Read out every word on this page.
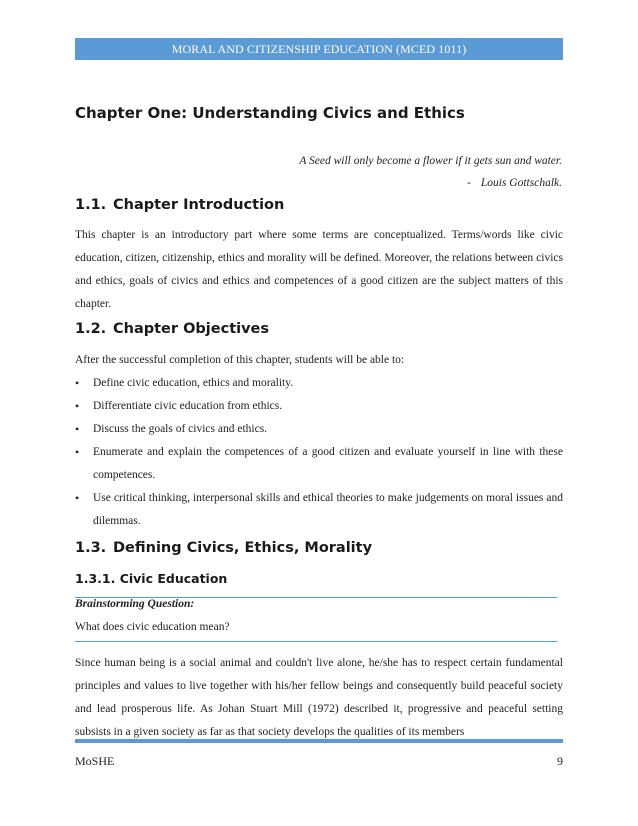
MORAL AND CITIZENSHIP EDUCATION (MCED 1011)
Chapter One: Understanding Civics and Ethics
A Seed will only become a flower if it gets sun and water.
- Louis Gottschalk.
1.1. Chapter Introduction

This chapter is an introductory part where some terms are conceptualized. Terms/words like civic education, citizen, citizenship, ethics and morality will be defined. Moreover, the relations between civics and ethics, goals of civics and ethics and competences of a good citizen are the subject matters of this chapter.

1.2. Chapter Objectives

After the successful completion of this chapter, students will be able to:

• Define civic education, ethics and morality.
• Differentiate civic education from ethics.
• Discuss the goals of civics and ethics.
• Enumerate and explain the competences of a good citizen and evaluate yourself in line with these competences.
• Use critical thinking, interpersonal skills and ethical theories to make judgements on moral issues and dilemmas.
1.3. Defining Civics, Ethics, Morality
1.3.1. Civic Education
Brainstorming Question:
What does civic education mean?

Since human being is a social animal and couldn't live alone, he/she has to respect certain fundamental principles and values to live together with his/her fellow beings and consequently build peaceful society and lead prosperous life. As Johan Stuart Mill (1972) described it, progressive and peaceful setting subsists in a given society as far as that society develops the qualities of its members

MoSHE	9
